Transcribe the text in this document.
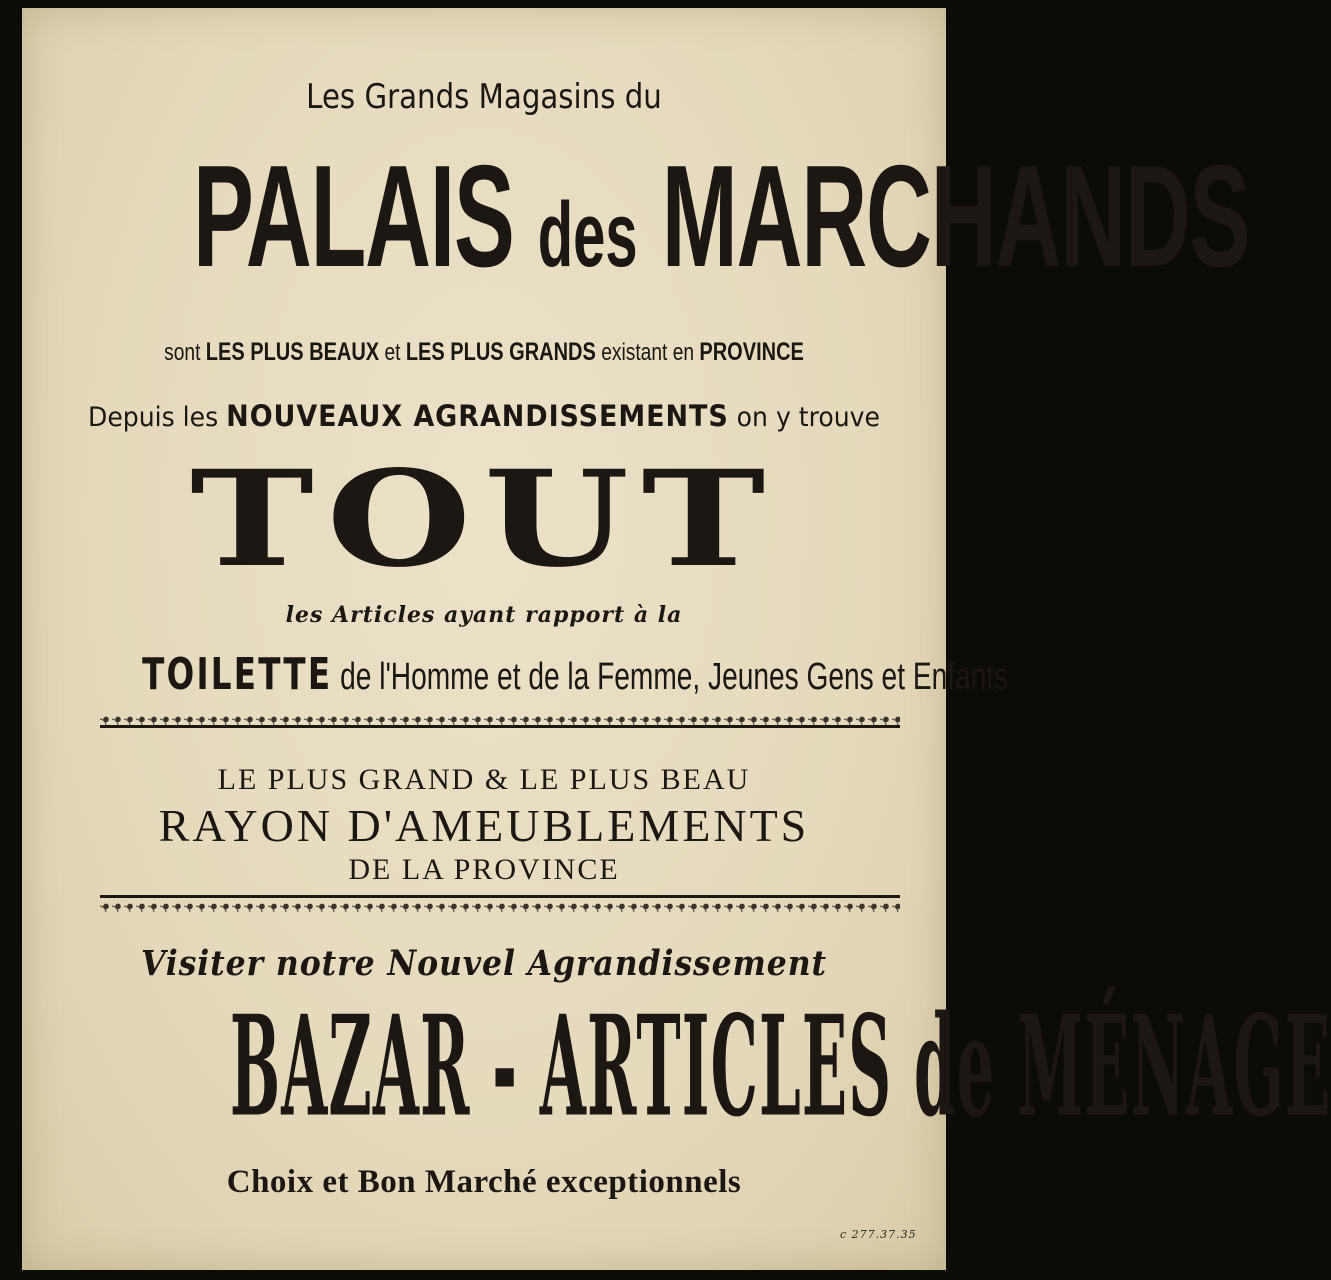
Les Grands Magasins du
PALAIS des MARCHANDS
sont LES PLUS BEAUX et LES PLUS GRANDS existant en PROVINCE
Depuis les NOUVEAUX AGRANDISSEMENTS on y trouve
TOUT
les Articles ayant rapport à la
TOILETTE de l'Homme et de la Femme, Jeunes Gens et Enfants
LE PLUS GRAND & LE PLUS BEAU
RAYON D'AMEUBLEMENTS
DE LA PROVINCE
Visiter notre Nouvel Agrandissement
BAZAR - ARTICLES de MÉNAGE
Choix et Bon Marché exceptionnels
c 277.37.35
